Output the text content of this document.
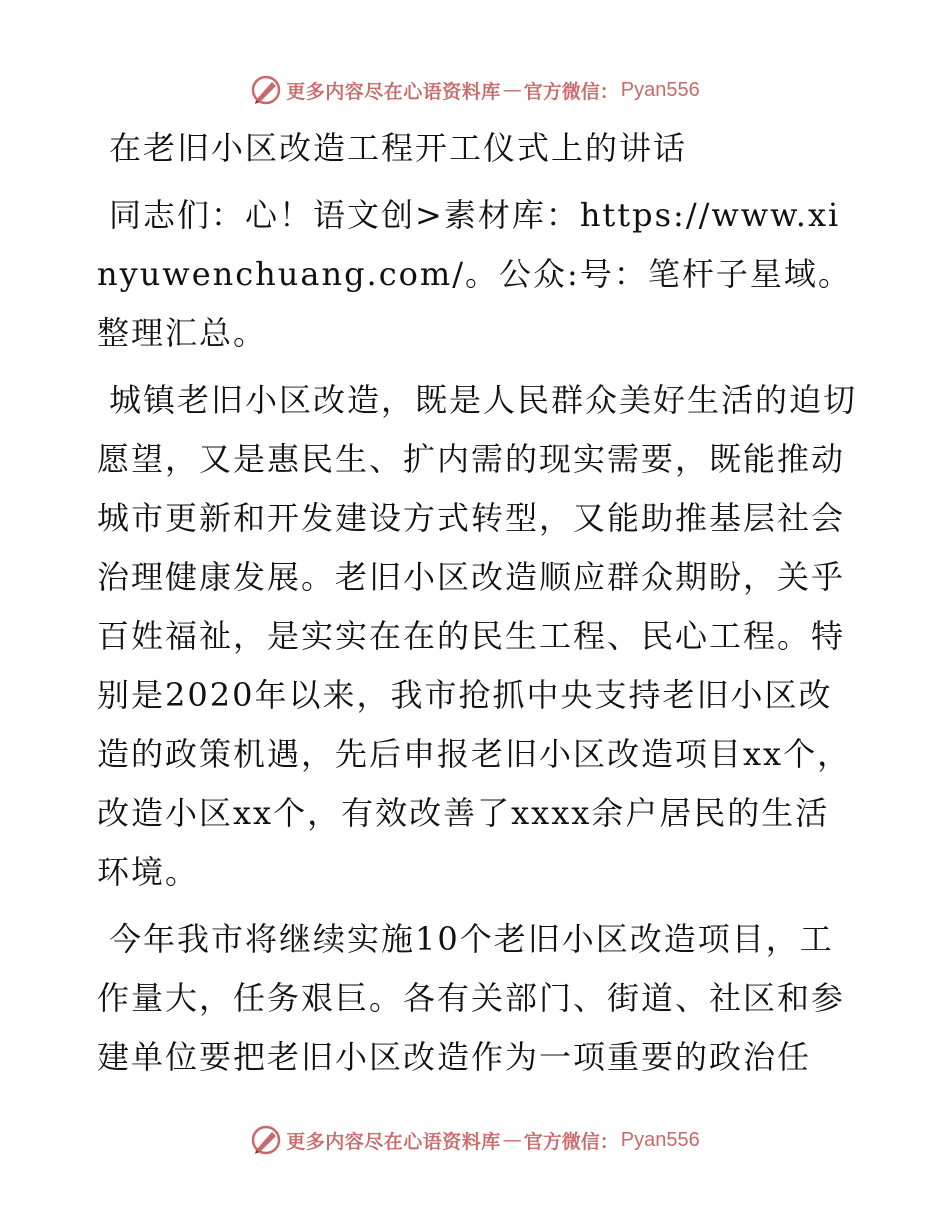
更多内容尽在心语资料库 — 官方微信： Pyan556
在老旧小区改造工程开工仪式上的讲话

同志们：心！语文创>素材库：https://www.xinyuwenchuang.com/。公众:号：笔杆子星域。整理汇总。

城镇老旧小区改造，既是人民群众美好生活的迫切愿望，又是惠民生、扩内需的现实需要，既能推动城市更新和开发建设方式转型，又能助推基层社会治理健康发展。老旧小区改造顺应群众期盼，关乎百姓福祉，是实实在在的民生工程、民心工程。特别是2020年以来，我市抢抓中央支持老旧小区改造的政策机遇，先后申报老旧小区改造项目xx个，改造小区xx个，有效改善了xxxx余户居民的生活环境。

今年我市将继续实施10个老旧小区改造项目，工作量大，任务艰巨。各有关部门、街道、社区和参建单位要把老旧小区改造作为一项重要的政治任

更多内容尽在心语资料库 — 官方微信： Pyan556
